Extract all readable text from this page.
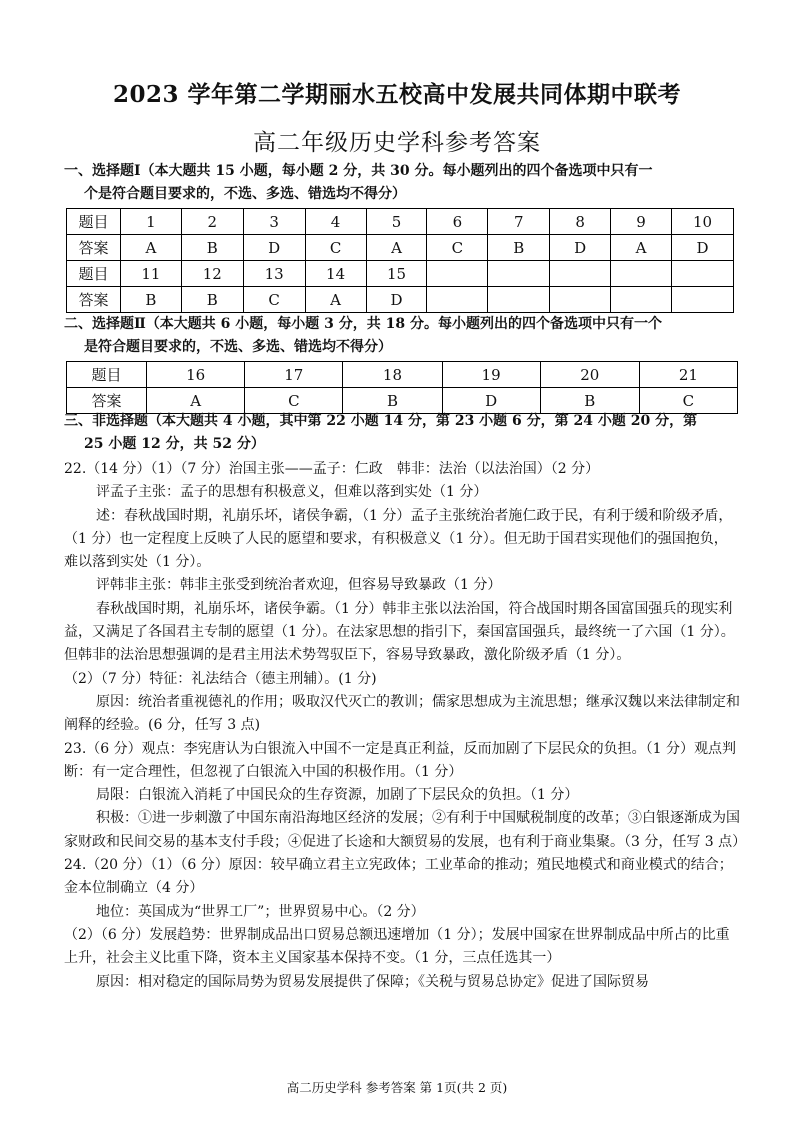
2023 学年第二学期丽水五校高中发展共同体期中联考
高二年级历史学科参考答案
一、选择题Ⅰ（本大题共 15 小题，每小题 2 分，共 30 分。每小题列出的四个备选项中只有一
个是符合题目要求的，不选、多选、错选均不得分）
题目	1	2	3	4	5	6	7	8	9	10
答案	A	B	D	C	A	C	B	D	A	D
题目	11	12	13	14	15					
答案	B	B	C	A	D					
二、选择题Ⅱ（本大题共 6 小题，每小题 3 分，共 18 分。每小题列出的四个备选项中只有一个
是符合题目要求的，不选、多选、错选均不得分）
题目	16	17	18	19	20	21
答案	A	C	B	D	B	C
三、非选择题（本大题共 4 小题，其中第 22 小题 14 分，第 23 小题 6 分，第 24 小题 20 分，第
25 小题 12 分，共 52 分）

22.（14 分）（1）（7 分）治国主张——孟子：仁政　韩非：法治（以法治国）（2 分）

评孟子主张：孟子的思想有积极意义，但难以落到实处（1 分）

述：春秋战国时期，礼崩乐坏，诸侯争霸，（1 分）孟子主张统治者施仁政于民，有利于缓和阶级矛盾，（1 分）也一定程度上反映了人民的愿望和要求，有积极意义（1 分）。但无助于国君实现他们的强国抱负，难以落到实处（1 分）。

评韩非主张：韩非主张受到统治者欢迎，但容易导致暴政（1 分）

春秋战国时期，礼崩乐坏，诸侯争霸。（1 分）韩非主张以法治国，符合战国时期各国富国强兵的现实利益，又满足了各国君主专制的愿望（1 分）。在法家思想的指引下，秦国富国强兵，最终统一了六国（1 分）。但韩非的法治思想强调的是君主用法术势驾驭臣下，容易导致暴政，激化阶级矛盾（1 分）。

（2）（7 分）特征：礼法结合（德主刑辅）。(1 分)

原因：统治者重视德礼的作用；吸取汉代灭亡的教训；儒家思想成为主流思想；继承汉魏以来法律制定和阐释的经验。(6 分，任写 3 点)

23.（6 分）观点：李宪唐认为白银流入中国不一定是真正利益，反而加剧了下层民众的负担。（1 分）观点判断：有一定合理性，但忽视了白银流入中国的积极作用。（1 分）

局限：白银流入消耗了中国民众的生存资源，加剧了下层民众的负担。（1 分）

积极：①进一步刺激了中国东南沿海地区经济的发展；②有利于中国赋税制度的改革；③白银逐渐成为国家财政和民间交易的基本支付手段；④促进了长途和大额贸易的发展，也有利于商业集聚。（3 分，任写 3 点）

24.（20 分）（1）（6 分）原因：较早确立君主立宪政体；工业革命的推动；殖民地模式和商业模式的结合；金本位制确立（4 分）

地位：英国成为“世界工厂”；世界贸易中心。（2 分）

（2）（6 分）发展趋势：世界制成品出口贸易总额迅速增加（1 分）；发展中国家在世界制成品中所占的比重上升，社会主义比重下降，资本主义国家基本保持不变。（1 分，三点任选其一）

原因：相对稳定的国际局势为贸易发展提供了保障；《关税与贸易总协定》促进了国际贸易

高二历史学科 参考答案 第 1页(共 2 页)
